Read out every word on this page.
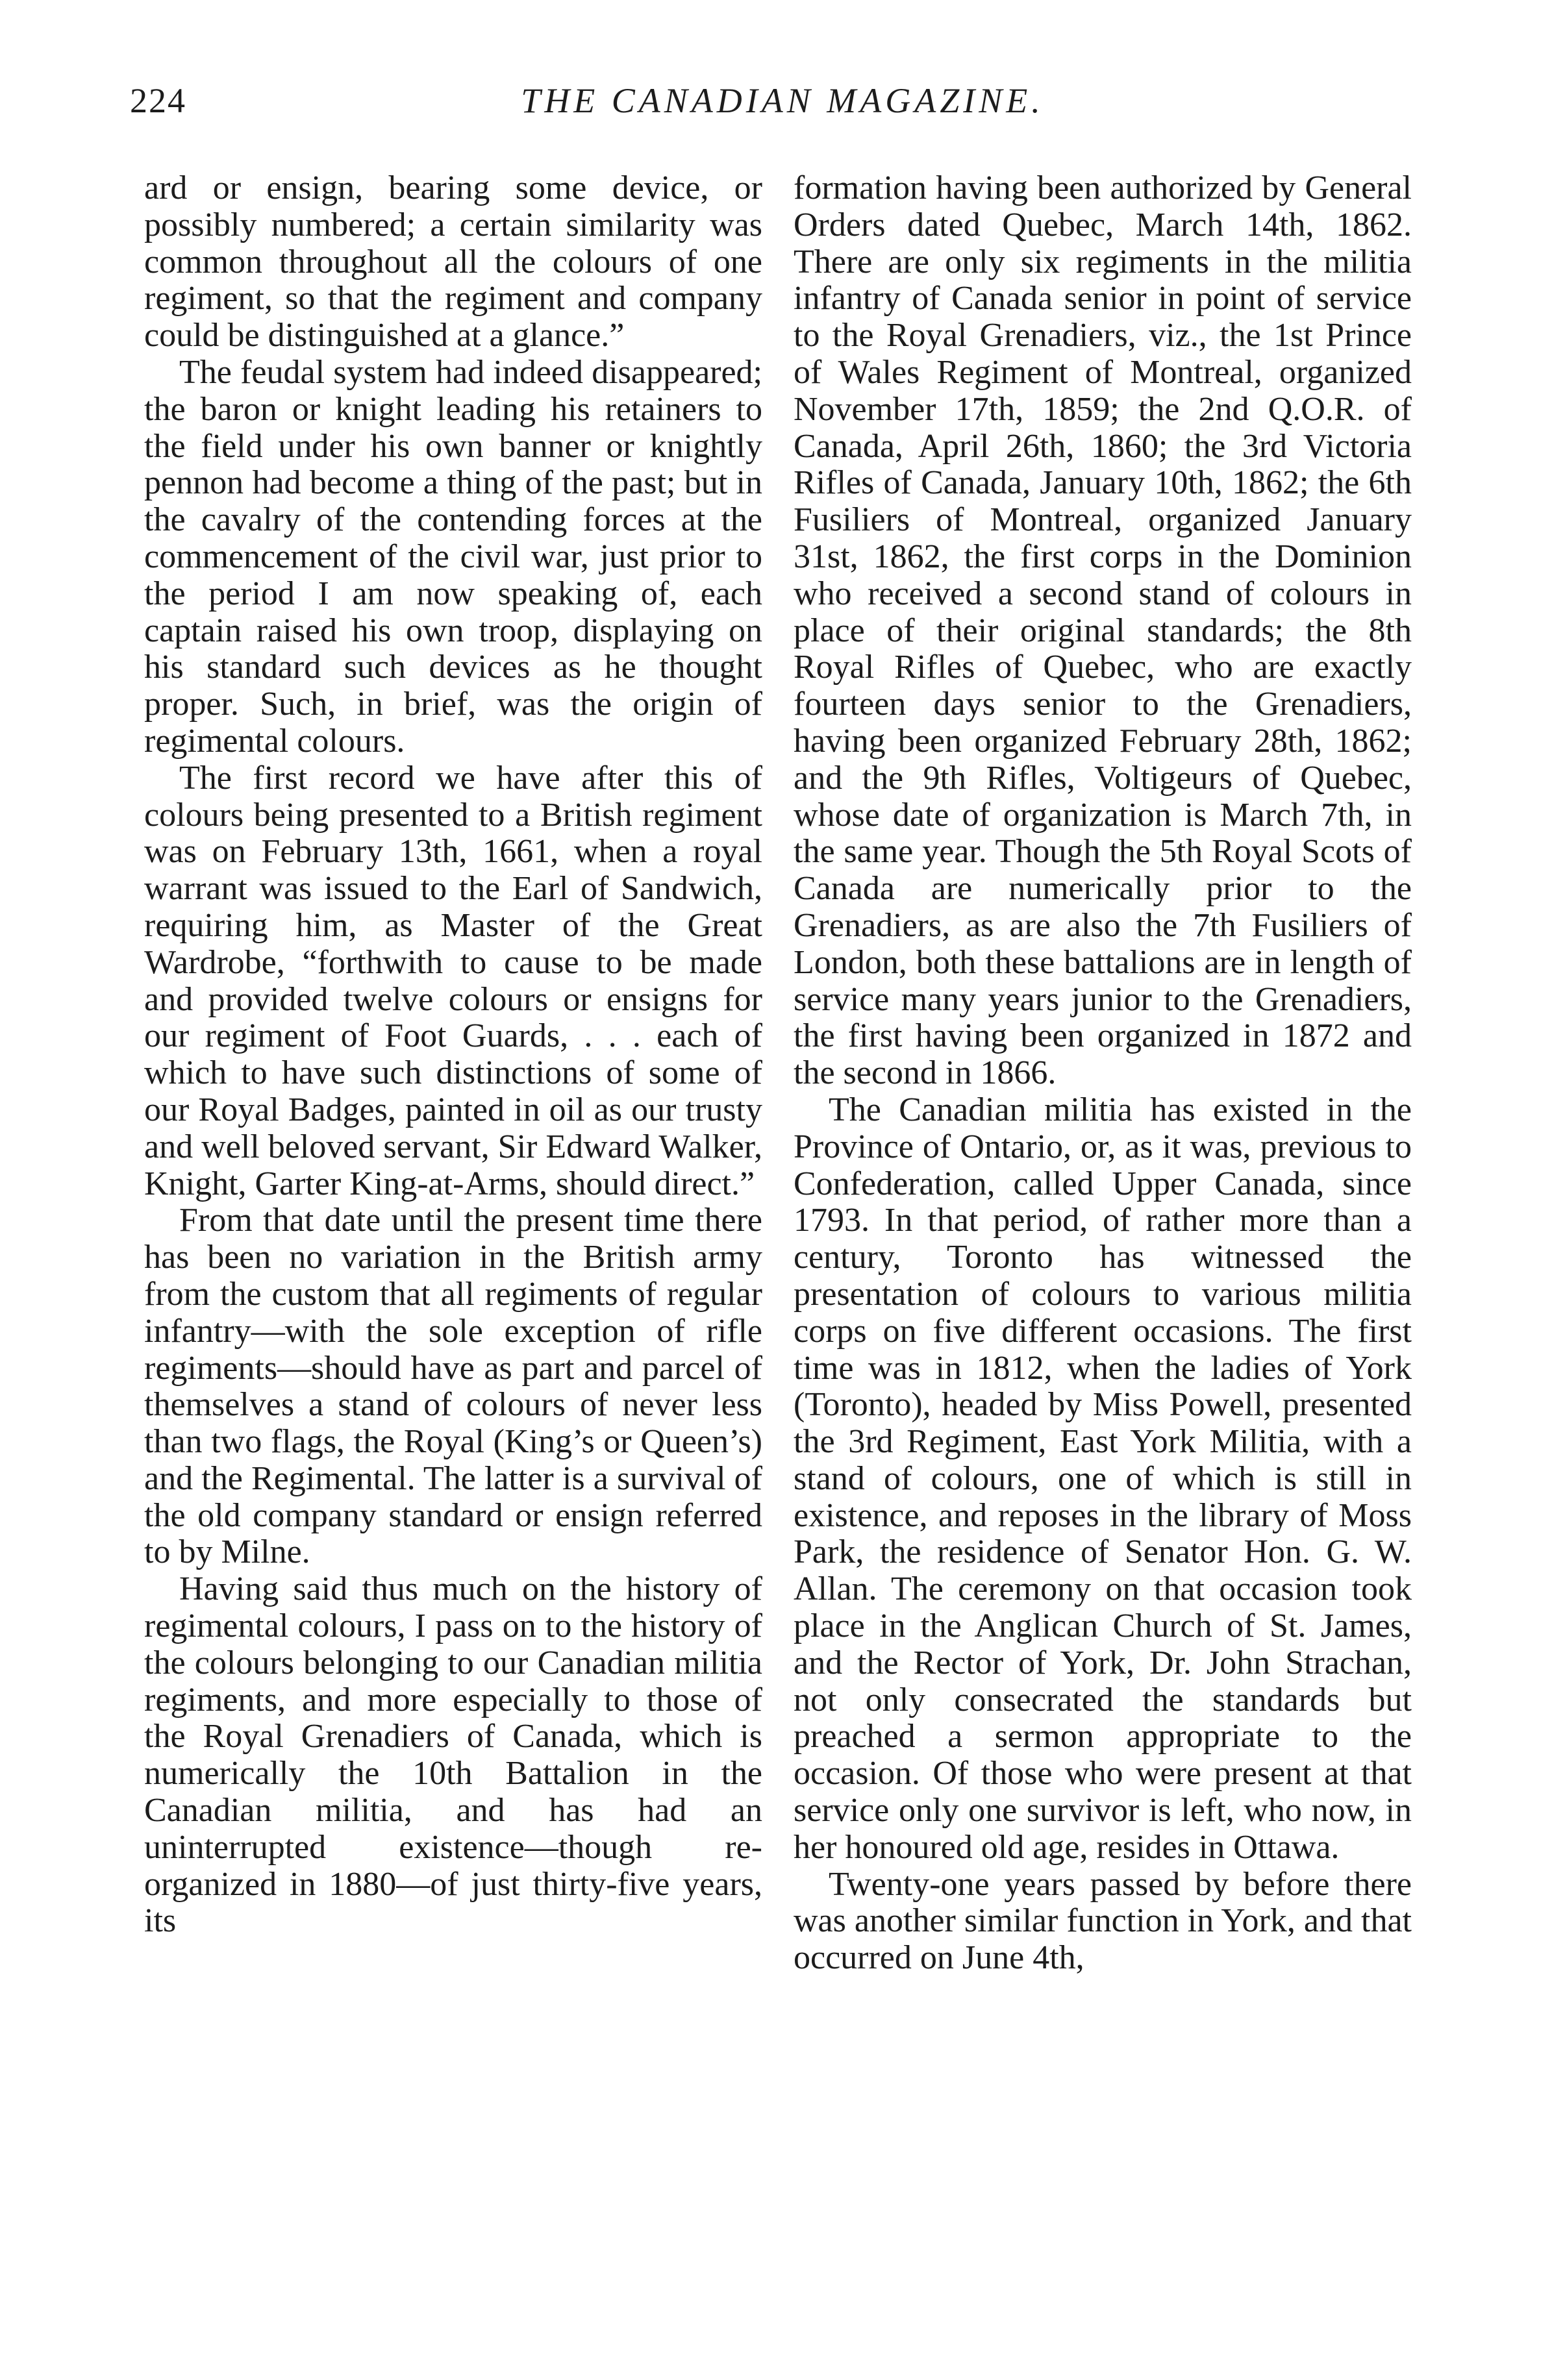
224	THE CANADIAN MAGAZINE.

ard or ensign, bearing some device, or possibly numbered; a certain similarity was common throughout all the colours of one regiment, so that the regiment and company could be distinguished at a glance.”

The feudal system had indeed disappeared; the baron or knight leading his retainers to the field under his own banner or knightly pennon had become a thing of the past; but in the cavalry of the contending forces at the commencement of the civil war, just prior to the period I am now speaking of, each captain raised his own troop, displaying on his standard such devices as he thought proper. Such, in brief, was the origin of regimental colours.

The first record we have after this of colours being presented to a British regiment was on February 13th, 1661, when a royal warrant was issued to the Earl of Sandwich, requiring him, as Master of the Great Wardrobe, “forthwith to cause to be made and provided twelve colours or ensigns for our regiment of Foot Guards, . . . each of which to have such distinctions of some of our Royal Badges, painted in oil as our trusty and well beloved servant, Sir Edward Walker, Knight, Garter King-at-Arms, should direct.”

From that date until the present time there has been no variation in the British army from the custom that all regiments of regular infantry—with the sole exception of rifle regiments—should have as part and parcel of themselves a stand of colours of never less than two flags, the Royal (King’s or Queen’s) and the Regimental. The latter is a survival of the old company standard or ensign referred to by Milne.

Having said thus much on the history of regimental colours, I pass on to the history of the colours belonging to our Canadian militia regiments, and more especially to those of the Royal Grenadiers of Canada, which is numerically the 10th Battalion in the Canadian militia, and has had an uninterrupted existence—though re-organized in 1880—of just thirty-five years, its

formation having been authorized by General Orders dated Quebec, March 14th, 1862. There are only six regiments in the militia infantry of Canada senior in point of service to the Royal Grenadiers, viz., the 1st Prince of Wales Regiment of Montreal, organized November 17th, 1859; the 2nd Q.O.R. of Canada, April 26th, 1860; the 3rd Victoria Rifles of Canada, January 10th, 1862; the 6th Fusiliers of Montreal, organized January 31st, 1862, the first corps in the Dominion who received a second stand of colours in place of their original standards; the 8th Royal Rifles of Quebec, who are exactly fourteen days senior to the Grenadiers, having been organized February 28th, 1862; and the 9th Rifles, Voltigeurs of Quebec, whose date of organization is March 7th, in the same year. Though the 5th Royal Scots of Canada are numerically prior to the Grenadiers, as are also the 7th Fusiliers of London, both these battalions are in length of service many years junior to the Grenadiers, the first having been organized in 1872 and the second in 1866.

The Canadian militia has existed in the Province of Ontario, or, as it was, previous to Confederation, called Upper Canada, since 1793. In that period, of rather more than a century, Toronto has witnessed the presentation of colours to various militia corps on five different occasions. The first time was in 1812, when the ladies of York (Toronto), headed by Miss Powell, presented the 3rd Regiment, East York Militia, with a stand of colours, one of which is still in existence, and reposes in the library of Moss Park, the residence of Senator Hon. G. W. Allan. The ceremony on that occasion took place in the Anglican Church of St. James, and the Rector of York, Dr. John Strachan, not only consecrated the standards but preached a sermon appropriate to the occasion. Of those who were present at that service only one survivor is left, who now, in her honoured old age, resides in Ottawa.

Twenty-one years passed by before there was another similar function in York, and that occurred on June 4th,
